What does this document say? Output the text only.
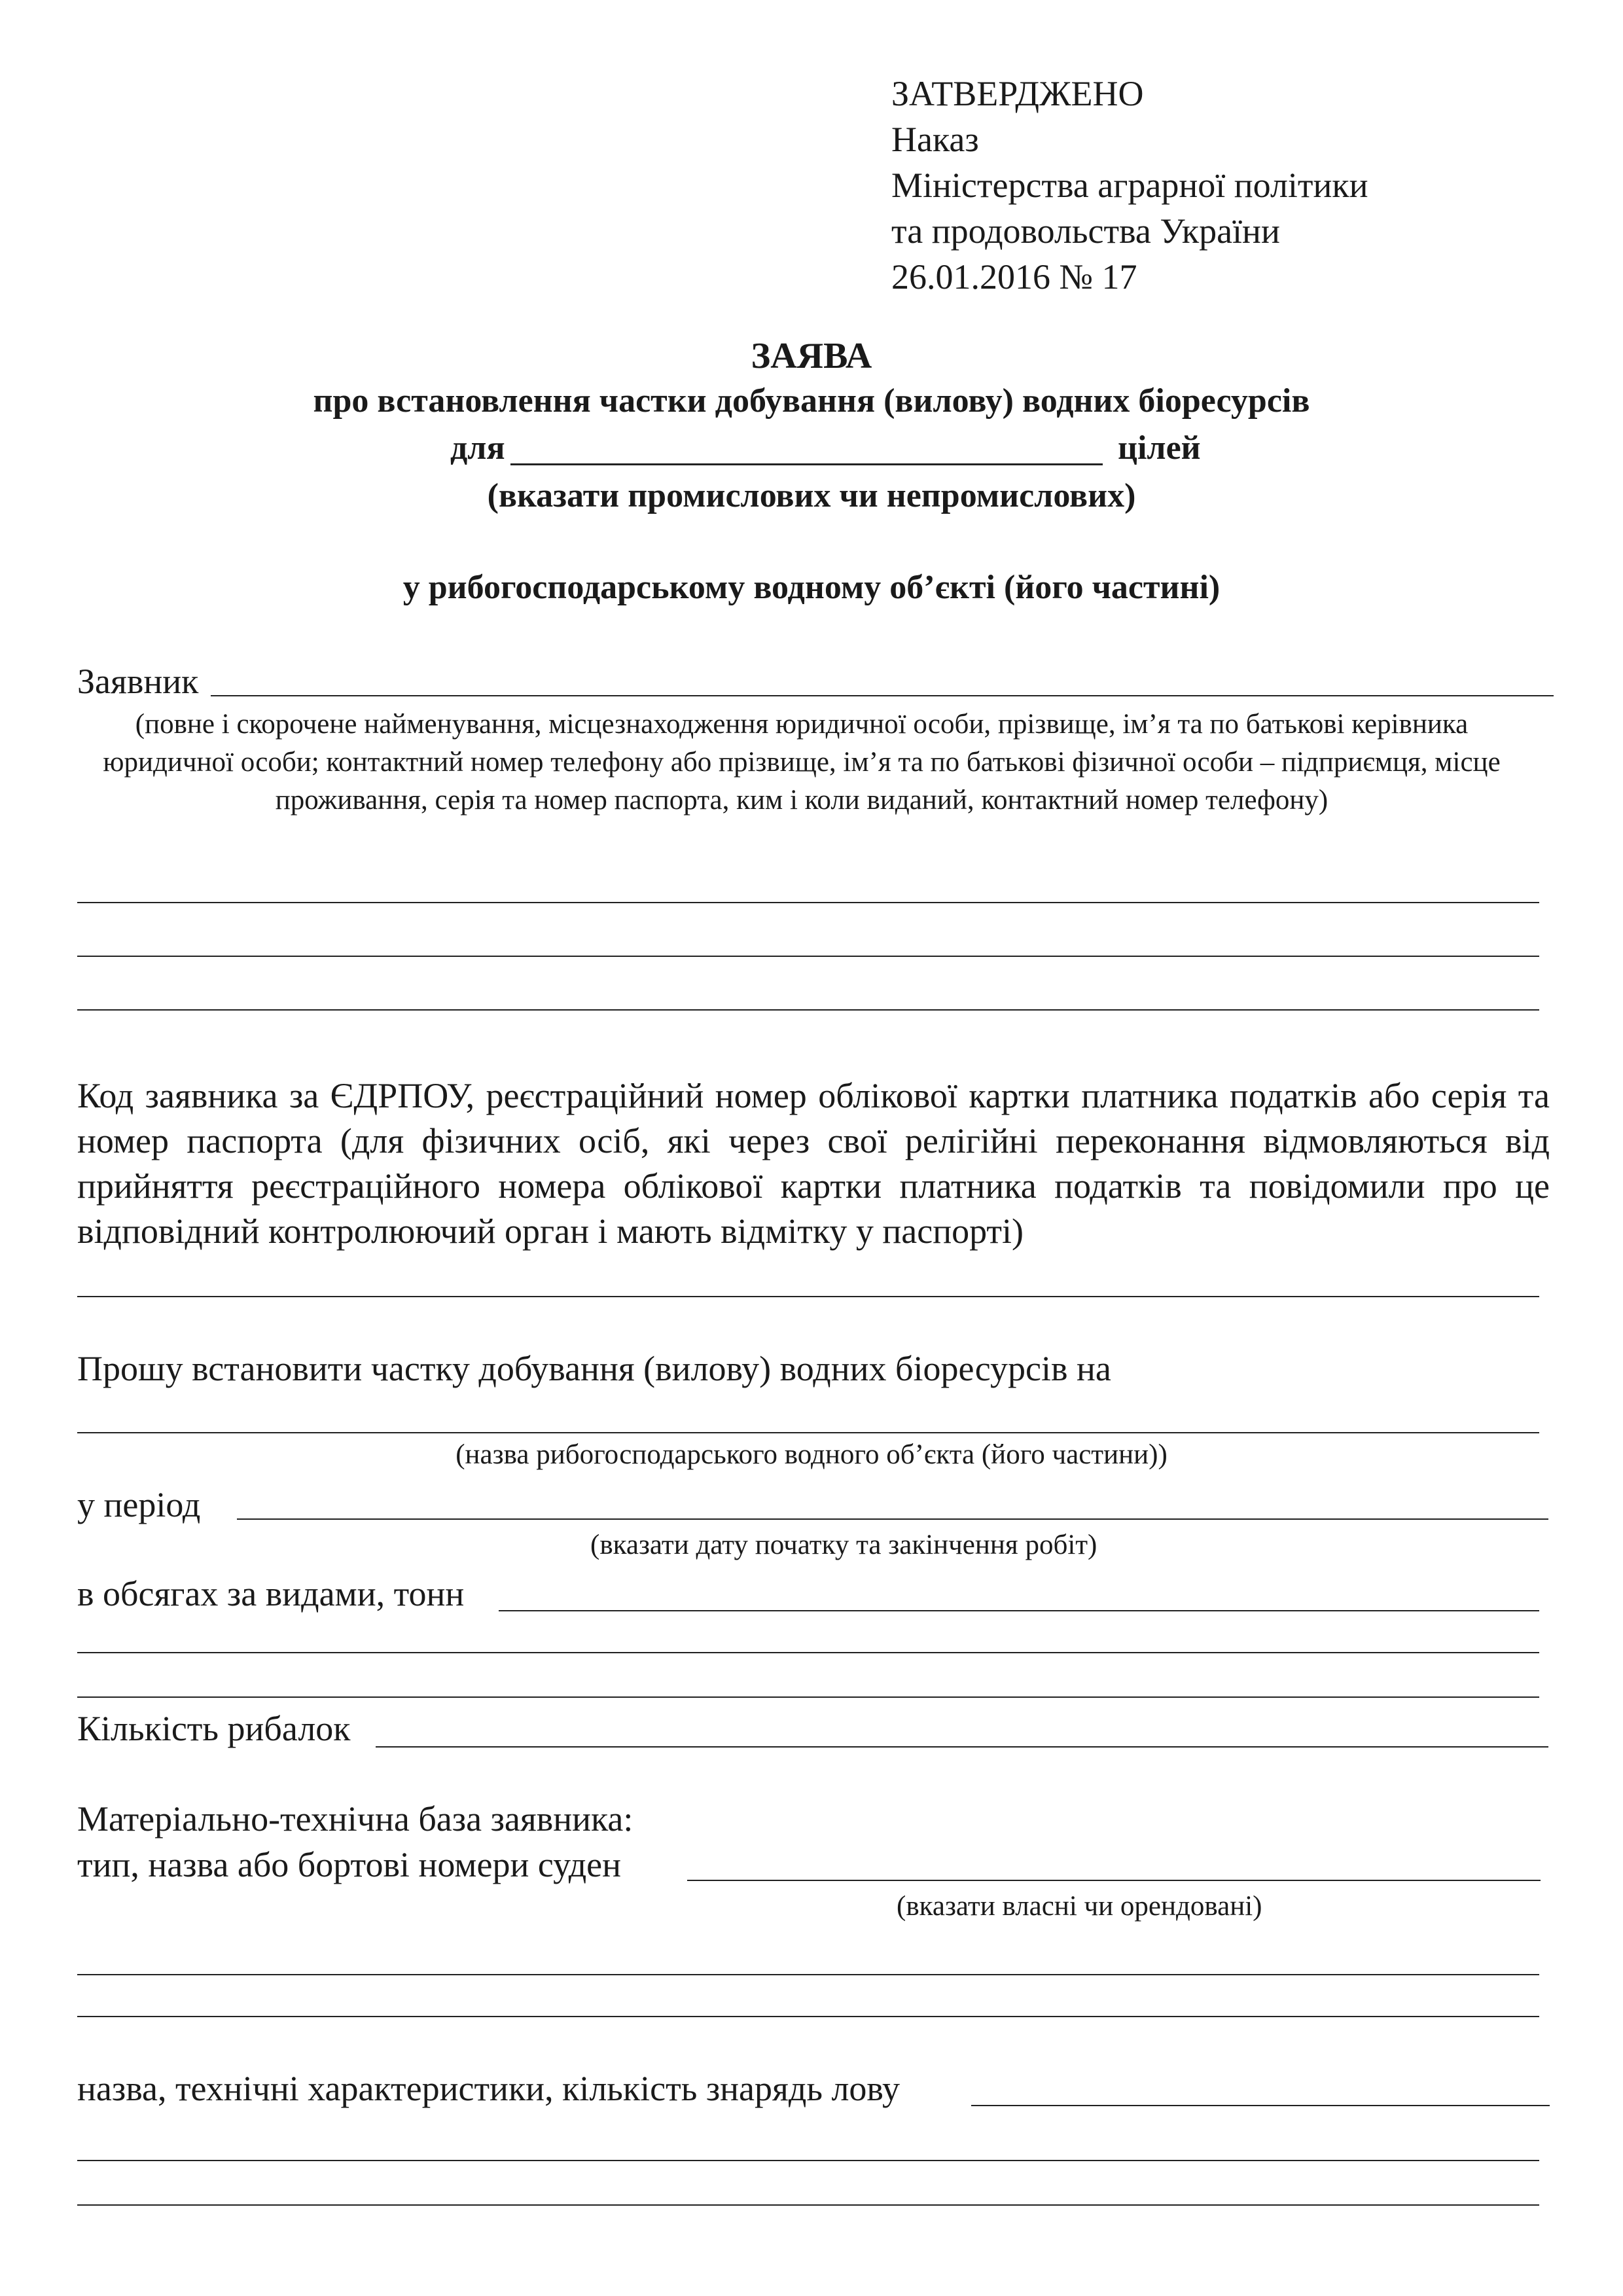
ЗАТВЕРДЖЕНО
Наказ
Міністерства аграрної політики
та продовольства України
26.01.2016 № 17
ЗАЯВА
про встановлення частки добування (вилову) водних біоресурсів
для	цілей
(вказати промислових чи непромислових)
у рибогосподарському водному об’єкті (його частині)
Заявник
(повне і скорочене найменування, місцезнаходження юридичної особи, прізвище, ім’я та по батькові керівника юридичної особи; контактний номер телефону або прізвище, ім’я та по батькові фізичної особи – підприємця, місце проживання, серія та номер паспорта, ким і коли виданий, контактний номер телефону)
Код заявника за ЄДРПОУ, реєстраційний номер облікової картки платника податків або серія та номер паспорта (для фізичних осіб, які через свої релігійні переконання відмовляються від прийняття реєстраційного номера облікової картки платника податків та повідомили про це відповідний контролюючий орган і мають відмітку у паспорті)
Прошу встановити частку добування (вилову) водних біоресурсів на
(назва рибогосподарського водного об’єкта (його частини))
у період
(вказати дату початку та закінчення робіт)
в обсягах за видами, тонн
Кількість рибалок
Матеріально-технічна база заявника:
тип, назва або бортові номери суден
(вказати власні чи орендовані)
назва, технічні характеристики, кількість знарядь лову
